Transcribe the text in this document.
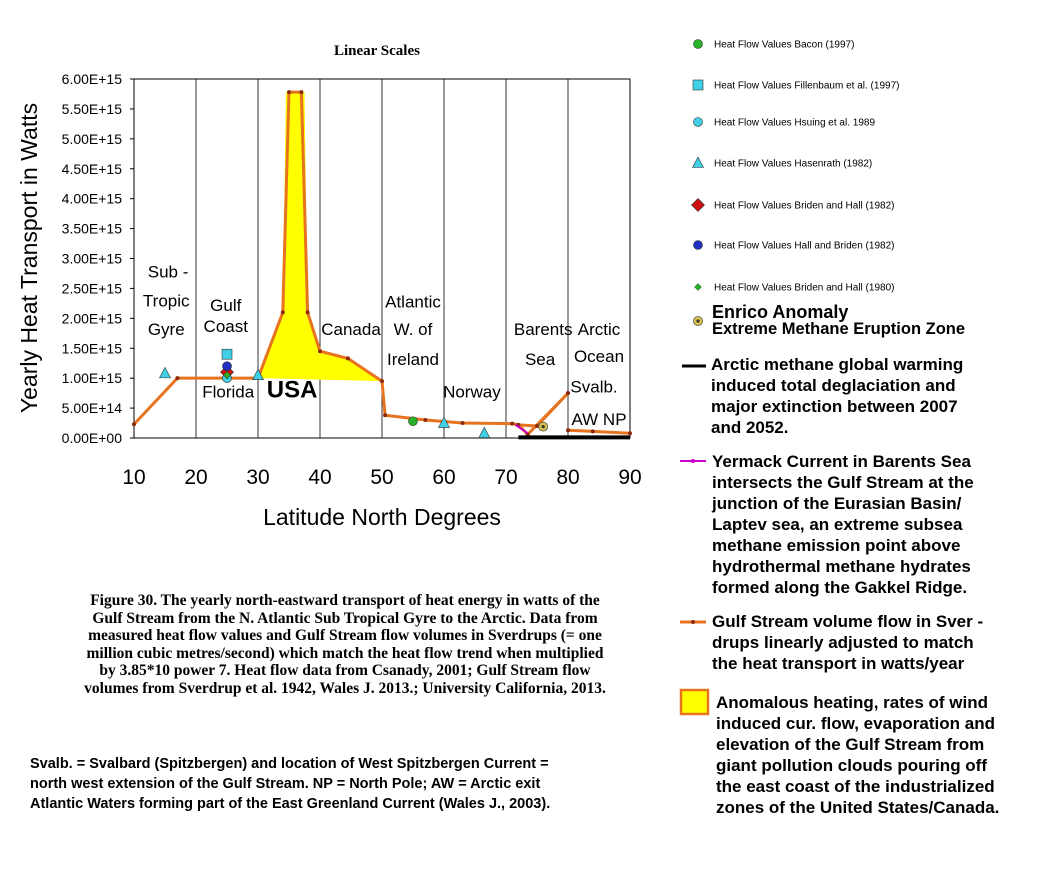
Linear Scales
10 20 30 40 50 60 70 80 90
0.00E+00
5.00E+14
1.00E+15
1.50E+15
2.00E+15
2.50E+15
3.00E+15
3.50E+15
4.00E+15
4.50E+15
5.00E+15
5.50E+15
6.00E+15
Sub -
Tropic
Gyre
Gulf
Coast
Florida USA
Canada
Atlantic
W. of
Ireland
Norway
Barents
Sea
Arctic
Ocean
Svalb.
AW NP
Latitude North Degrees
Yearly Heat Transport in Watts
Heat Flow Values Bacon (1997)
Heat Flow Values Fillenbaum et al. (1997)
Heat Flow Values Hsuing et al. 1989
Heat Flow Values Hasenrath (1982)
Heat Flow Values Briden and Hall (1982)
Heat Flow Values Hall and Briden (1982)
Heat Flow Values Briden and Hall (1980)
Enrico Anomaly
Extreme Methane Eruption Zone
Arctic methane global warming
induced total deglaciation and
major extinction between 2007
and 2052.
Yermack Current in Barents Sea
intersects the Gulf Stream at the
junction of the Eurasian Basin/
Laptev sea, an extreme subsea
methane emission point above
hydrothermal methane hydrates
formed along the Gakkel Ridge.
Gulf Stream volume flow in Sver -
drups linearly adjusted to match
the heat transport in watts/year
Anomalous heating, rates of wind
induced cur. flow, evaporation and
elevation of the Gulf Stream from
giant pollution clouds pouring off
the east coast of the industrialized
zones of the United States/Canada.
Figure 30. The yearly north-eastward transport of heat energy in watts of the
Gulf Stream from the N. Atlantic Sub Tropical Gyre to the Arctic. Data from
measured heat flow values and Gulf Stream flow volumes in Sverdrups (= one
million cubic metres/second) which match the heat flow trend when multiplied
by 3.85*10 power 7. Heat flow data from Csanady, 2001; Gulf Stream flow
volumes from Sverdrup et al. 1942, Wales J. 2013.; University California, 2013.
Svalb. = Svalbard (Spitzbergen) and location of West Spitzbergen Current =
north west extension of the Gulf Stream. NP = North Pole; AW = Arctic exit
Atlantic Waters forming part of the East Greenland Current (Wales J., 2003).
